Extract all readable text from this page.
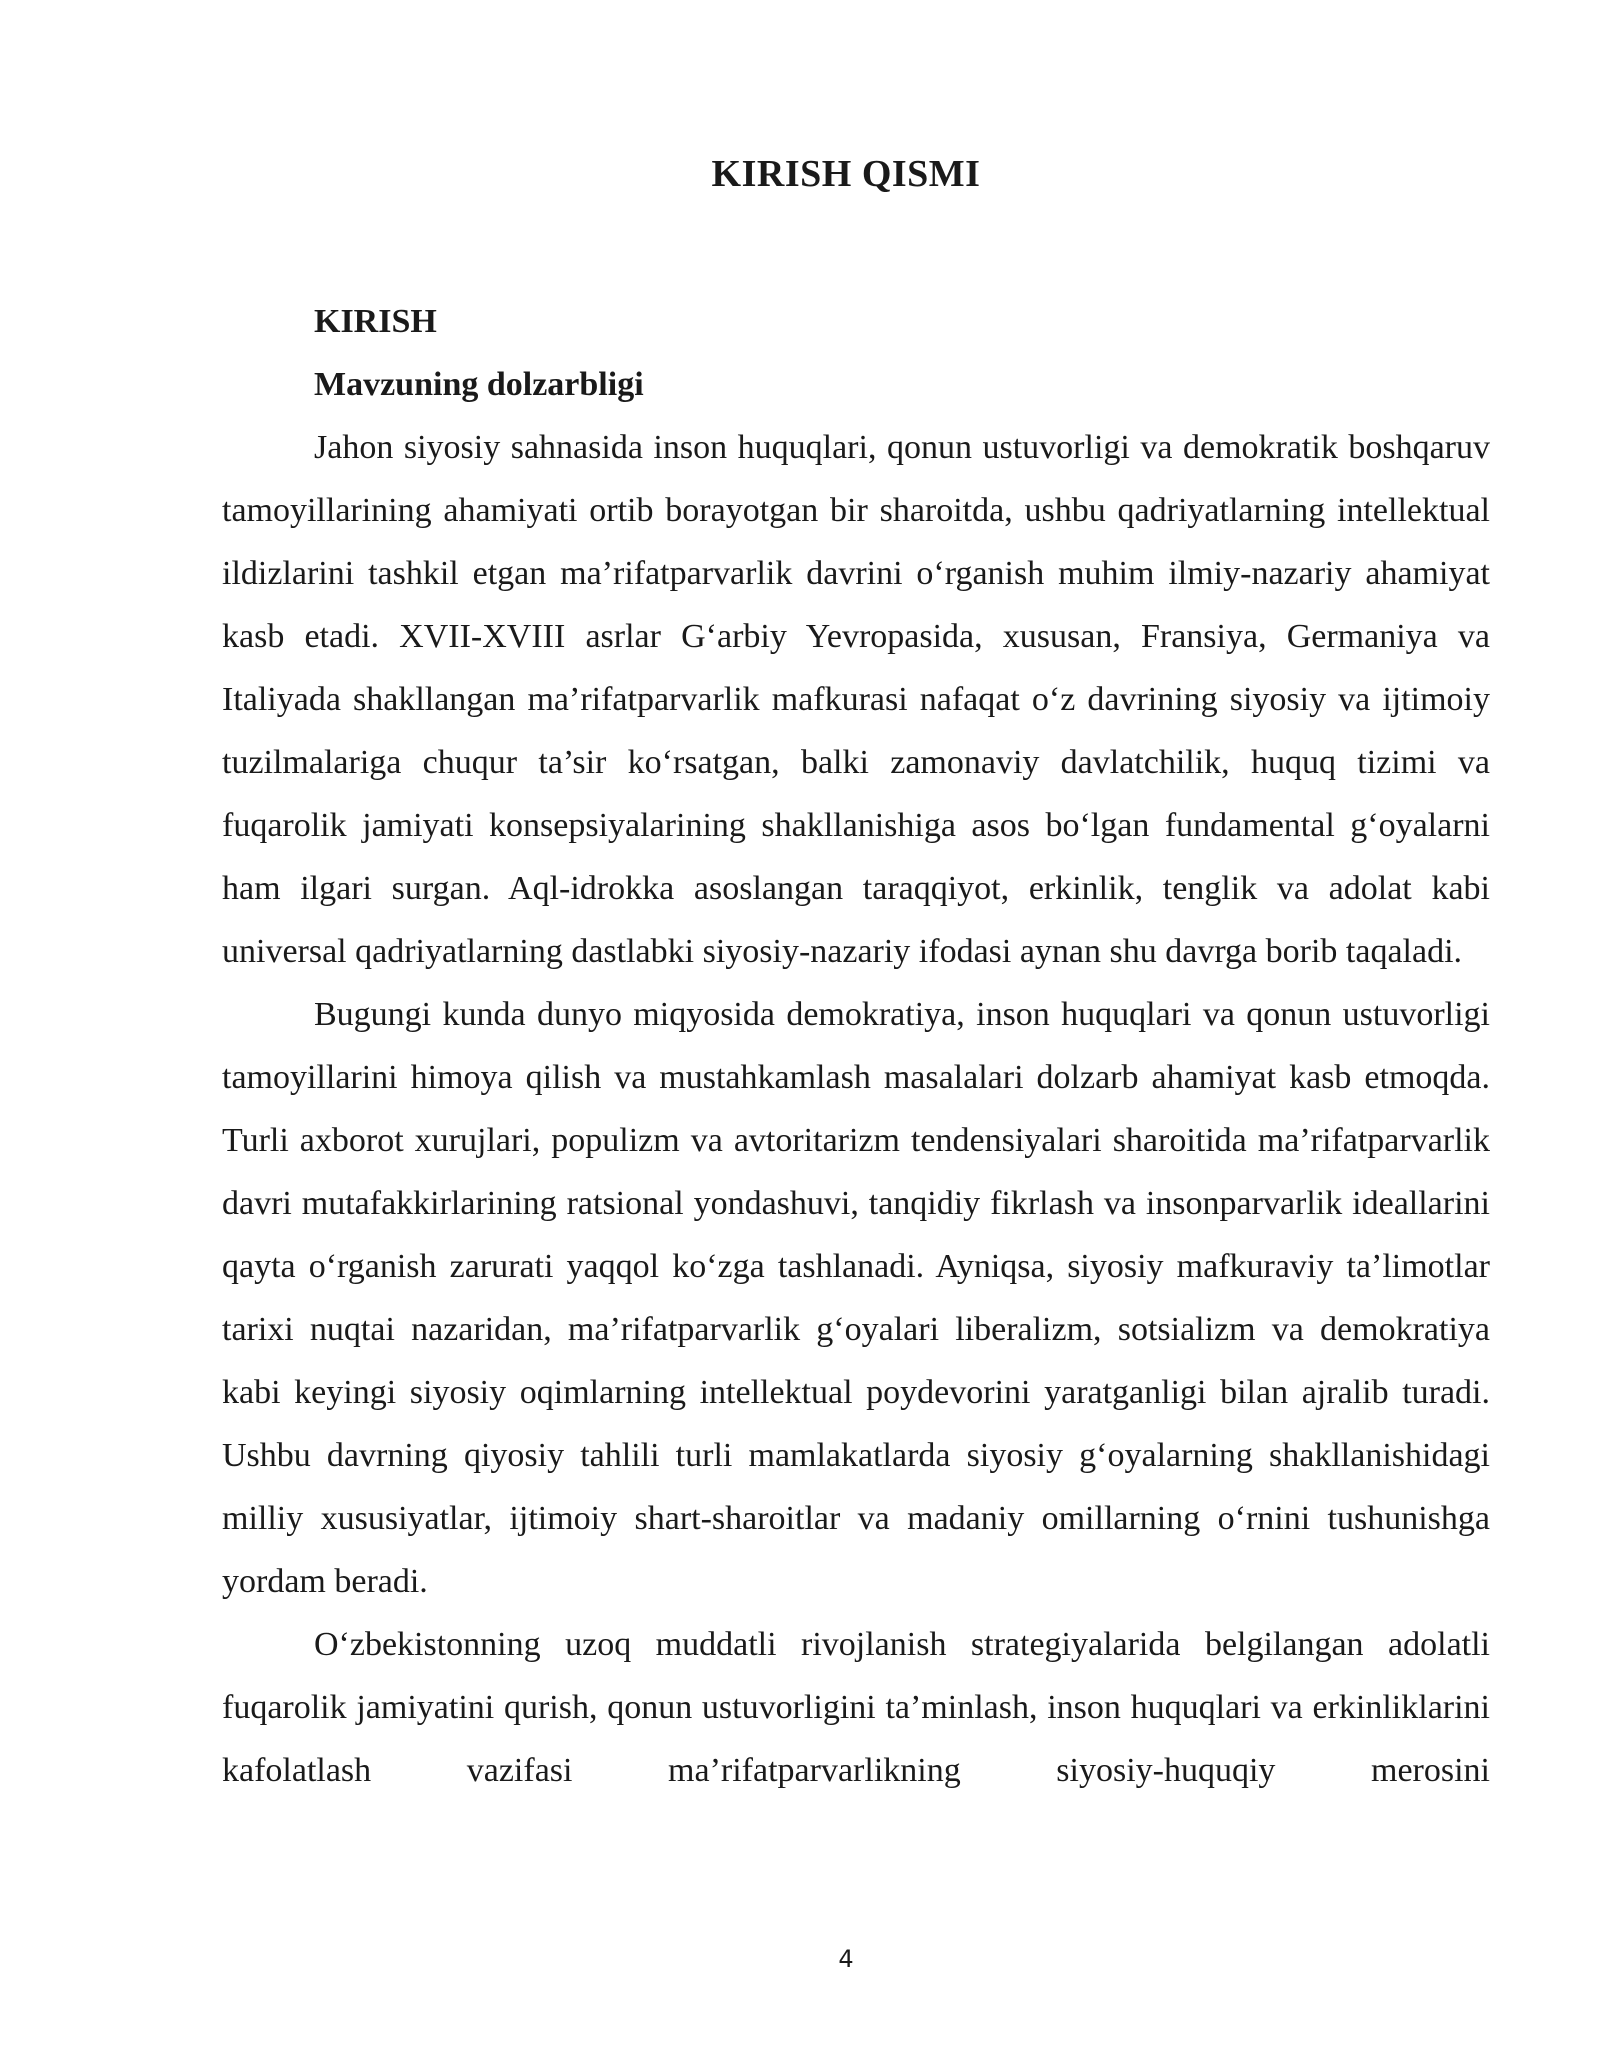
KIRISH QISMI
KIRISH
Mavzuning dolzarbligi

Jahon siyosiy sahnasida inson huquqlari, qonun ustuvorligi va demokratik boshqaruv tamoyillarining ahamiyati ortib borayotgan bir sharoitda, ushbu qadriyatlarning intellektual ildizlarini tashkil etgan ma’rifatparvarlik davrini o‘rganish muhim ilmiy-nazariy ahamiyat kasb etadi. XVII-XVIII asrlar G‘arbiy Yevropasida, xususan, Fransiya, Germaniya va Italiyada shakllangan ma’rifatparvarlik mafkurasi nafaqat o‘z davrining siyosiy va ijtimoiy tuzilmalariga chuqur ta’sir ko‘rsatgan, balki zamonaviy davlatchilik, huquq tizimi va fuqarolik jamiyati konsepsiyalarining shakllanishiga asos bo‘lgan fundamental g‘oyalarni ham ilgari surgan. Aql-idrokka asoslangan taraqqiyot, erkinlik, tenglik va adolat kabi universal qadriyatlarning dastlabki siyosiy-nazariy ifodasi aynan shu davrga borib taqaladi.

Bugungi kunda dunyo miqyosida demokratiya, inson huquqlari va qonun ustuvorligi tamoyillarini himoya qilish va mustahkamlash masalalari dolzarb ahamiyat kasb etmoqda. Turli axborot xurujlari, populizm va avtoritarizm tendensiyalari sharoitida ma’rifatparvarlik davri mutafakkirlarining ratsional yondashuvi, tanqidiy fikrlash va insonparvarlik ideallarini qayta o‘rganish zarurati yaqqol ko‘zga tashlanadi. Ayniqsa, siyosiy mafkuraviy ta’limotlar tarixi nuqtai nazaridan, ma’rifatparvarlik g‘oyalari liberalizm, sotsializm va demokratiya kabi keyingi siyosiy oqimlarning intellektual poydevorini yaratganligi bilan ajralib turadi. Ushbu davrning qiyosiy tahlili turli mamlakatlarda siyosiy g‘oyalarning shakllanishidagi milliy xususiyatlar, ijtimoiy shart-sharoitlar va madaniy omillarning o‘rnini tushunishga yordam beradi.

O‘zbekistonning uzoq muddatli rivojlanish strategiyalarida belgilangan adolatli fuqarolik jamiyatini qurish, qonun ustuvorligini ta’minlash, inson huquqlari va erkinliklarini kafolatlash vazifasi ma’rifatparvarlikning siyosiy-huquqiy merosini

4
